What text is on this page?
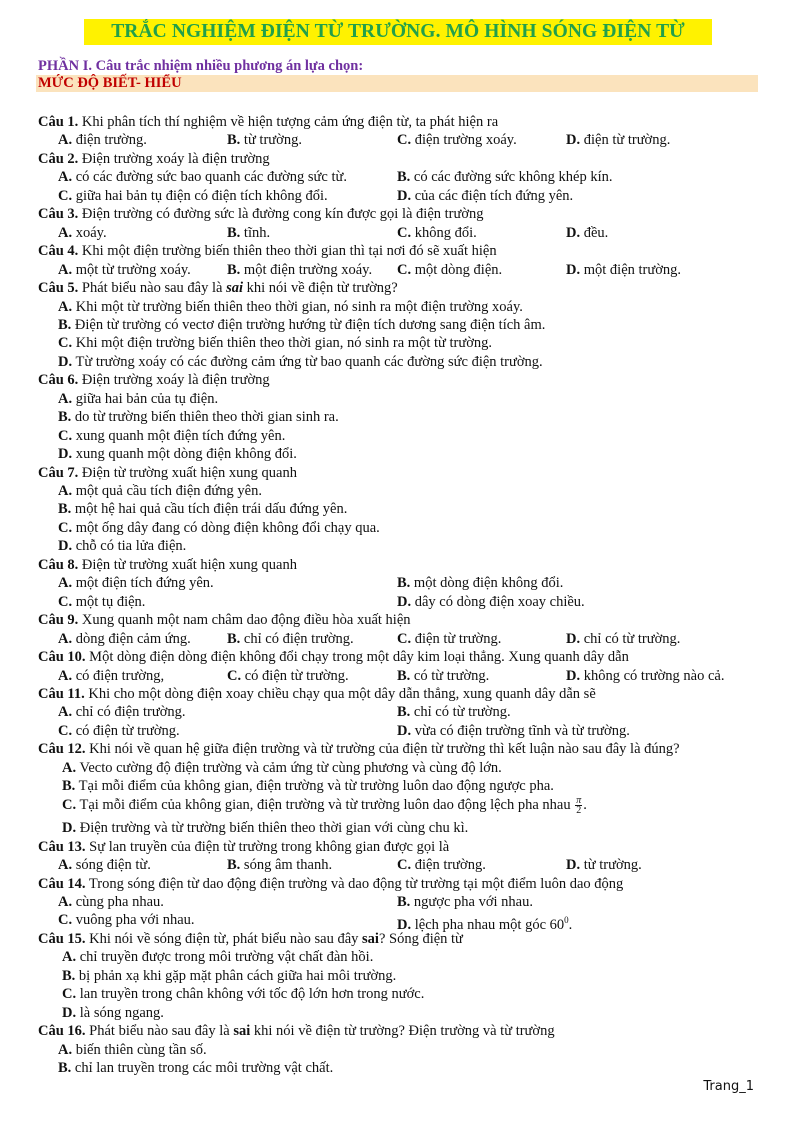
TRẮC NGHIỆM ĐIỆN TỪ TRƯỜNG. MÔ HÌNH SÓNG ĐIỆN TỪ
PHẦN I. Câu trắc nhiệm nhiều phương án lựa chọn:
MỨC ĐỘ BIẾT- HIỂU
Câu 1. Khi phân tích thí nghiệm về hiện tượng cảm ứng điện từ, ta phát hiện ra
A. điện trường.	B. từ trường.	C. điện trường xoáy.	D. điện từ trường.
Câu 2. Điện trường xoáy là điện trường
A. có các đường sức bao quanh các đường sức từ.	B. có các đường sức không khép kín.
C. giữa hai bản tụ điện có điện tích không đổi.	D. của các điện tích đứng yên.
Câu 3. Điện trường có đường sức là đường cong kín được gọi là điện trường
A. xoáy.	B. tĩnh.	C. không đổi.	D. đều.
Câu 4. Khi một điện trường biến thiên theo thời gian thì tại nơi đó sẽ xuất hiện
A. một từ trường xoáy. B. một điện trường xoáy. C. một dòng điện.	D. một điện trường.
Câu 5. Phát biểu nào sau đây là sai khi nói về điện từ trường?
A. Khi một từ trường biến thiên theo thời gian, nó sinh ra một điện trường xoáy.
B. Điện từ trường có vectơ điện trường hướng từ điện tích dương sang điện tích âm.
C. Khi một điện trường biến thiên theo thời gian, nó sinh ra một từ trường.
D. Từ trường xoáy có các đường cảm ứng từ bao quanh các đường sức điện trường.
Câu 6. Điện trường xoáy là điện trường
A. giữa hai bản của tụ điện.
B. do từ trường biến thiên theo thời gian sinh ra.
C. xung quanh một điện tích đứng yên.
D. xung quanh một dòng điện không đổi.
Câu 7. Điện từ trường xuất hiện xung quanh
A. một quả cầu tích điện đứng yên.
B. một hệ hai quả cầu tích điện trái dấu đứng yên.
C. một ống dây đang có dòng điện không đổi chạy qua.
D. chỗ có tia lửa điện.
Câu 8. Điện từ trường xuất hiện xung quanh
A. một điện tích đứng yên.	B. một dòng điện không đổi.
C. một tụ điện.	D. dây có dòng điện xoay chiều.
Câu 9. Xung quanh một nam châm dao động điều hòa xuất hiện
A. dòng điện cảm ứng.	B. chỉ có điện trường.	C. điện từ trường.	D. chỉ có từ trường.
Câu 10. Một dòng điện dòng điện không đổi chạy trong một dây kim loại thẳng. Xung quanh dây dẫn
A. có điện trường,	C. có điện từ trường.	B. có từ trường.	D. không có trường nào cả.
Câu 11. Khi cho một dòng điện xoay chiều chạy qua một dây dẫn thẳng, xung quanh dây dẫn sẽ
A. chỉ có điện trường.	B. chỉ có từ trường.
C. có điện từ trường.	D. vừa có điện trường tĩnh và từ trường.
Câu 12. Khi nói về quan hệ giữa điện trường và từ trường của điện từ trường thì kết luận nào sau đây là đúng?
A. Vecto cường độ điện trường và cảm ứng từ cùng phương và cùng độ lớn.
B. Tại mỗi điểm của không gian, điện trường và từ trường luôn dao động ngược pha.
C. Tại mỗi điểm của không gian, điện trường và từ trường luôn dao động lệch pha nhau $\frac{\pi}{2}$ .
D. Điện trường và từ trường biến thiên theo thời gian với cùng chu kì.
Câu 13. Sự lan truyền của điện từ trường trong không gian được gọi là
A. sóng điện từ.	B. sóng âm thanh.	C. điện trường.	D. từ trường.
Câu 14. Trong sóng điện từ dao động điện trường và dao động từ trường tại một điểm luôn dao động
A. cùng pha nhau.	B. ngược pha với nhau.
C. vuông pha với nhau.	D. lệch pha nhau một góc $60^0$.
Câu 15. Khi nói về sóng điện từ, phát biểu nào sau đây sai? Sóng điện từ
A. chỉ truyền được trong môi trường vật chất đàn hồi.
B. bị phản xạ khi gặp mặt phân cách giữa hai môi trường.
C. lan truyền trong chân không với tốc độ lớn hơn trong nước.
D. là sóng ngang.
Câu 16. Phát biểu nào sau đây là sai khi nói về điện từ trường? Điện trường và từ trường
A. biến thiên cùng tần số.
B. chỉ lan truyền trong các môi trường vật chất.
Trang_1
